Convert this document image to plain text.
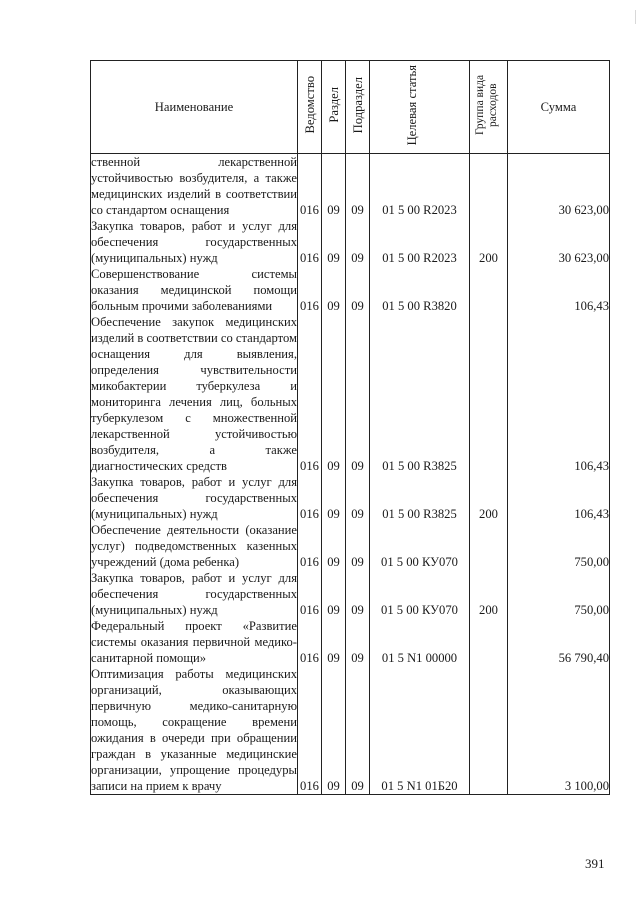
Наименование	Ведомство	Раздел	Подраздел	Целевая статья	Группа вида расходов	Сумма
ственной лекарственной устойчивостью возбудителя, а также медицинских изделий в соответствии со стандартом оснащения	016	09	09	01 5 00 R2023		30 623,00
Закупка товаров, работ и услуг для обеспечения государственных (муниципальных) нужд	016	09	09	01 5 00 R2023	200	30 623,00
Совершенствование системы оказания медицинской помощи больным прочими заболеваниями	016	09	09	01 5 00 R3820		106,43
Обеспечение закупок медицинских изделий в соответствии со стандартом оснащения для выявления, определения чувствительности микобактерии туберкулеза и мониторинга лечения лиц, больных туберкулезом с множественной лекарственной устойчивостью возбудителя, а также диагностических средств	016	09	09	01 5 00 R3825		106,43
Закупка товаров, работ и услуг для обеспечения государственных (муниципальных) нужд	016	09	09	01 5 00 R3825	200	106,43
Обеспечение деятельности (оказание услуг) подведомственных казенных учреждений (дома ребенка)	016	09	09	01 5 00 КУ070		750,00
Закупка товаров, работ и услуг для обеспечения государственных (муниципальных) нужд	016	09	09	01 5 00 КУ070	200	750,00
Федеральный проект «Развитие системы оказания первичной медико-санитарной помощи»	016	09	09	01 5 N1 00000		56 790,40
Оптимизация работы медицинских организаций, оказывающих первичную медико-санитарную помощь, сокращение времени ожидания в очереди при обращении граждан в указанные медицинские организации, упрощение процедуры записи на прием к врачу	016	09	09	01 5 N1 01Б20		3 100,00
391
